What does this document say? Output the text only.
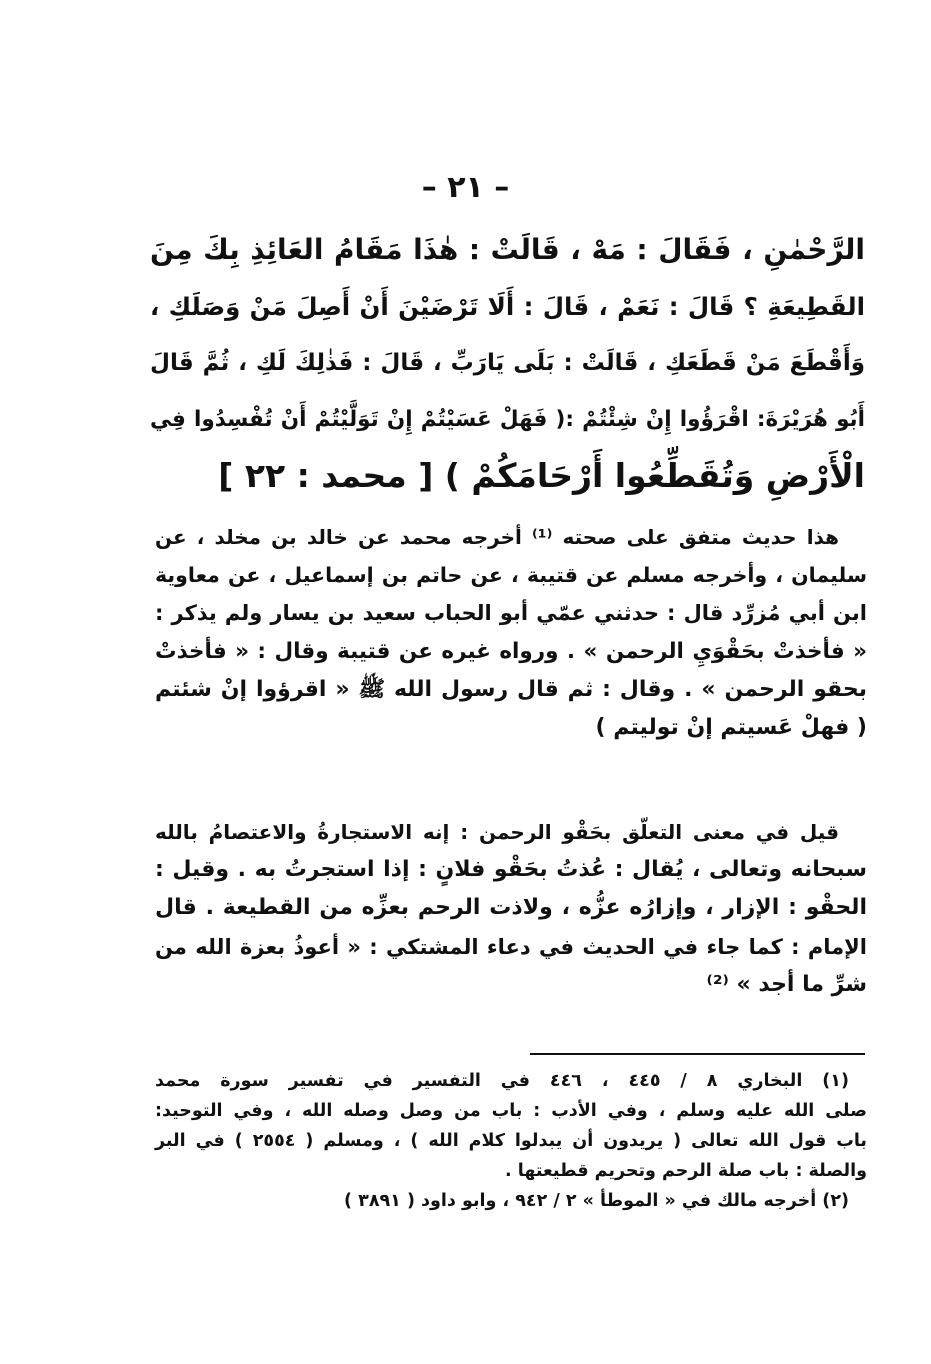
– ٢١ –
الرَّحْمٰنِ ، فَقَالَ : مَهْ ، قَالَتْ : هٰذَا مَقَامُ العَائِذِ بِكَ مِنَ
القَطِيعَةِ ؟ قَالَ : نَعَمْ ، قَالَ : أَلَا تَرْضَيْنَ أَنْ أَصِلَ مَنْ وَصَلَكِ ،
وَأَقْطَعَ مَنْ قَطَعَكِ ، قَالَتْ : بَلَى يَارَبِّ ، قَالَ : فَذٰلِكَ لَكِ ، ثُمَّ قَالَ
أَبُو هُرَيْرَةَ: اقْرَؤُوا إِنْ شِئْتُمْ :( فَهَلْ عَسَيْتُمْ إِنْ تَوَلَّيْتُمْ أَنْ تُفْسِدُوا فِي
الْأَرْضِ وَتُقَطِّعُوا أَرْحَامَكُمْ ) [ محمد : ٢٢ ]
هذا حديث متفق على صحته ⁽¹⁾ أخرجه محمد عن خالد بن مخلد ، عن
سليمان ، وأخرجه مسلم عن قتيبة ، عن حاتم بن إسماعيل ، عن معاوية
ابن أبي مُزرِّد قال : حدثني عمّي أبو الحباب سعيد بن يسار ولم يذكر :
« فأخذتْ بحَقْوَيِ الرحمن » . ورواه غيره عن قتيبة وقال : « فأخذتْ
بحقو الرحمن » . وقال : ثم قال رسول الله ﷺ « اقرؤوا إنْ شئتم
( فهلْ عَسيتم إنْ توليتم )
قيل في معنى التعلّق بحَقْو الرحمن : إنه الاستجارةُ والاعتصامُ بالله
سبحانه وتعالى ، يُقال : عُذتُ بحَقْو فلانٍ : إذا استجرتُ به . وقيل :
الحقْو : الإزار ، وإزارُه عزُّه ، ولاذت الرحم بعزِّه من القطيعة . قال
الإمام : كما جاء في الحديث في دعاء المشتكي : « أعوذُ بعزة الله من
شرِّ ما أجد » ⁽²⁾
(١) البخاري ٨ / ٤٤٥ ، ٤٤٦ في التفسير في تفسير سورة محمد
صلى الله عليه وسلم ، وفي الأدب : باب من وصل وصله الله ، وفي التوحيد:
باب قول الله تعالى ( يريدون أن يبدلوا كلام الله ) ، ومسلم ( ٢٥٥٤ ) في البر
والصلة : باب صلة الرحم وتحريم قطيعتها .
(٢) أخرجه مالك في « الموطأ » ٢ / ٩٤٢ ، وابو داود ( ٣٨٩١ )
